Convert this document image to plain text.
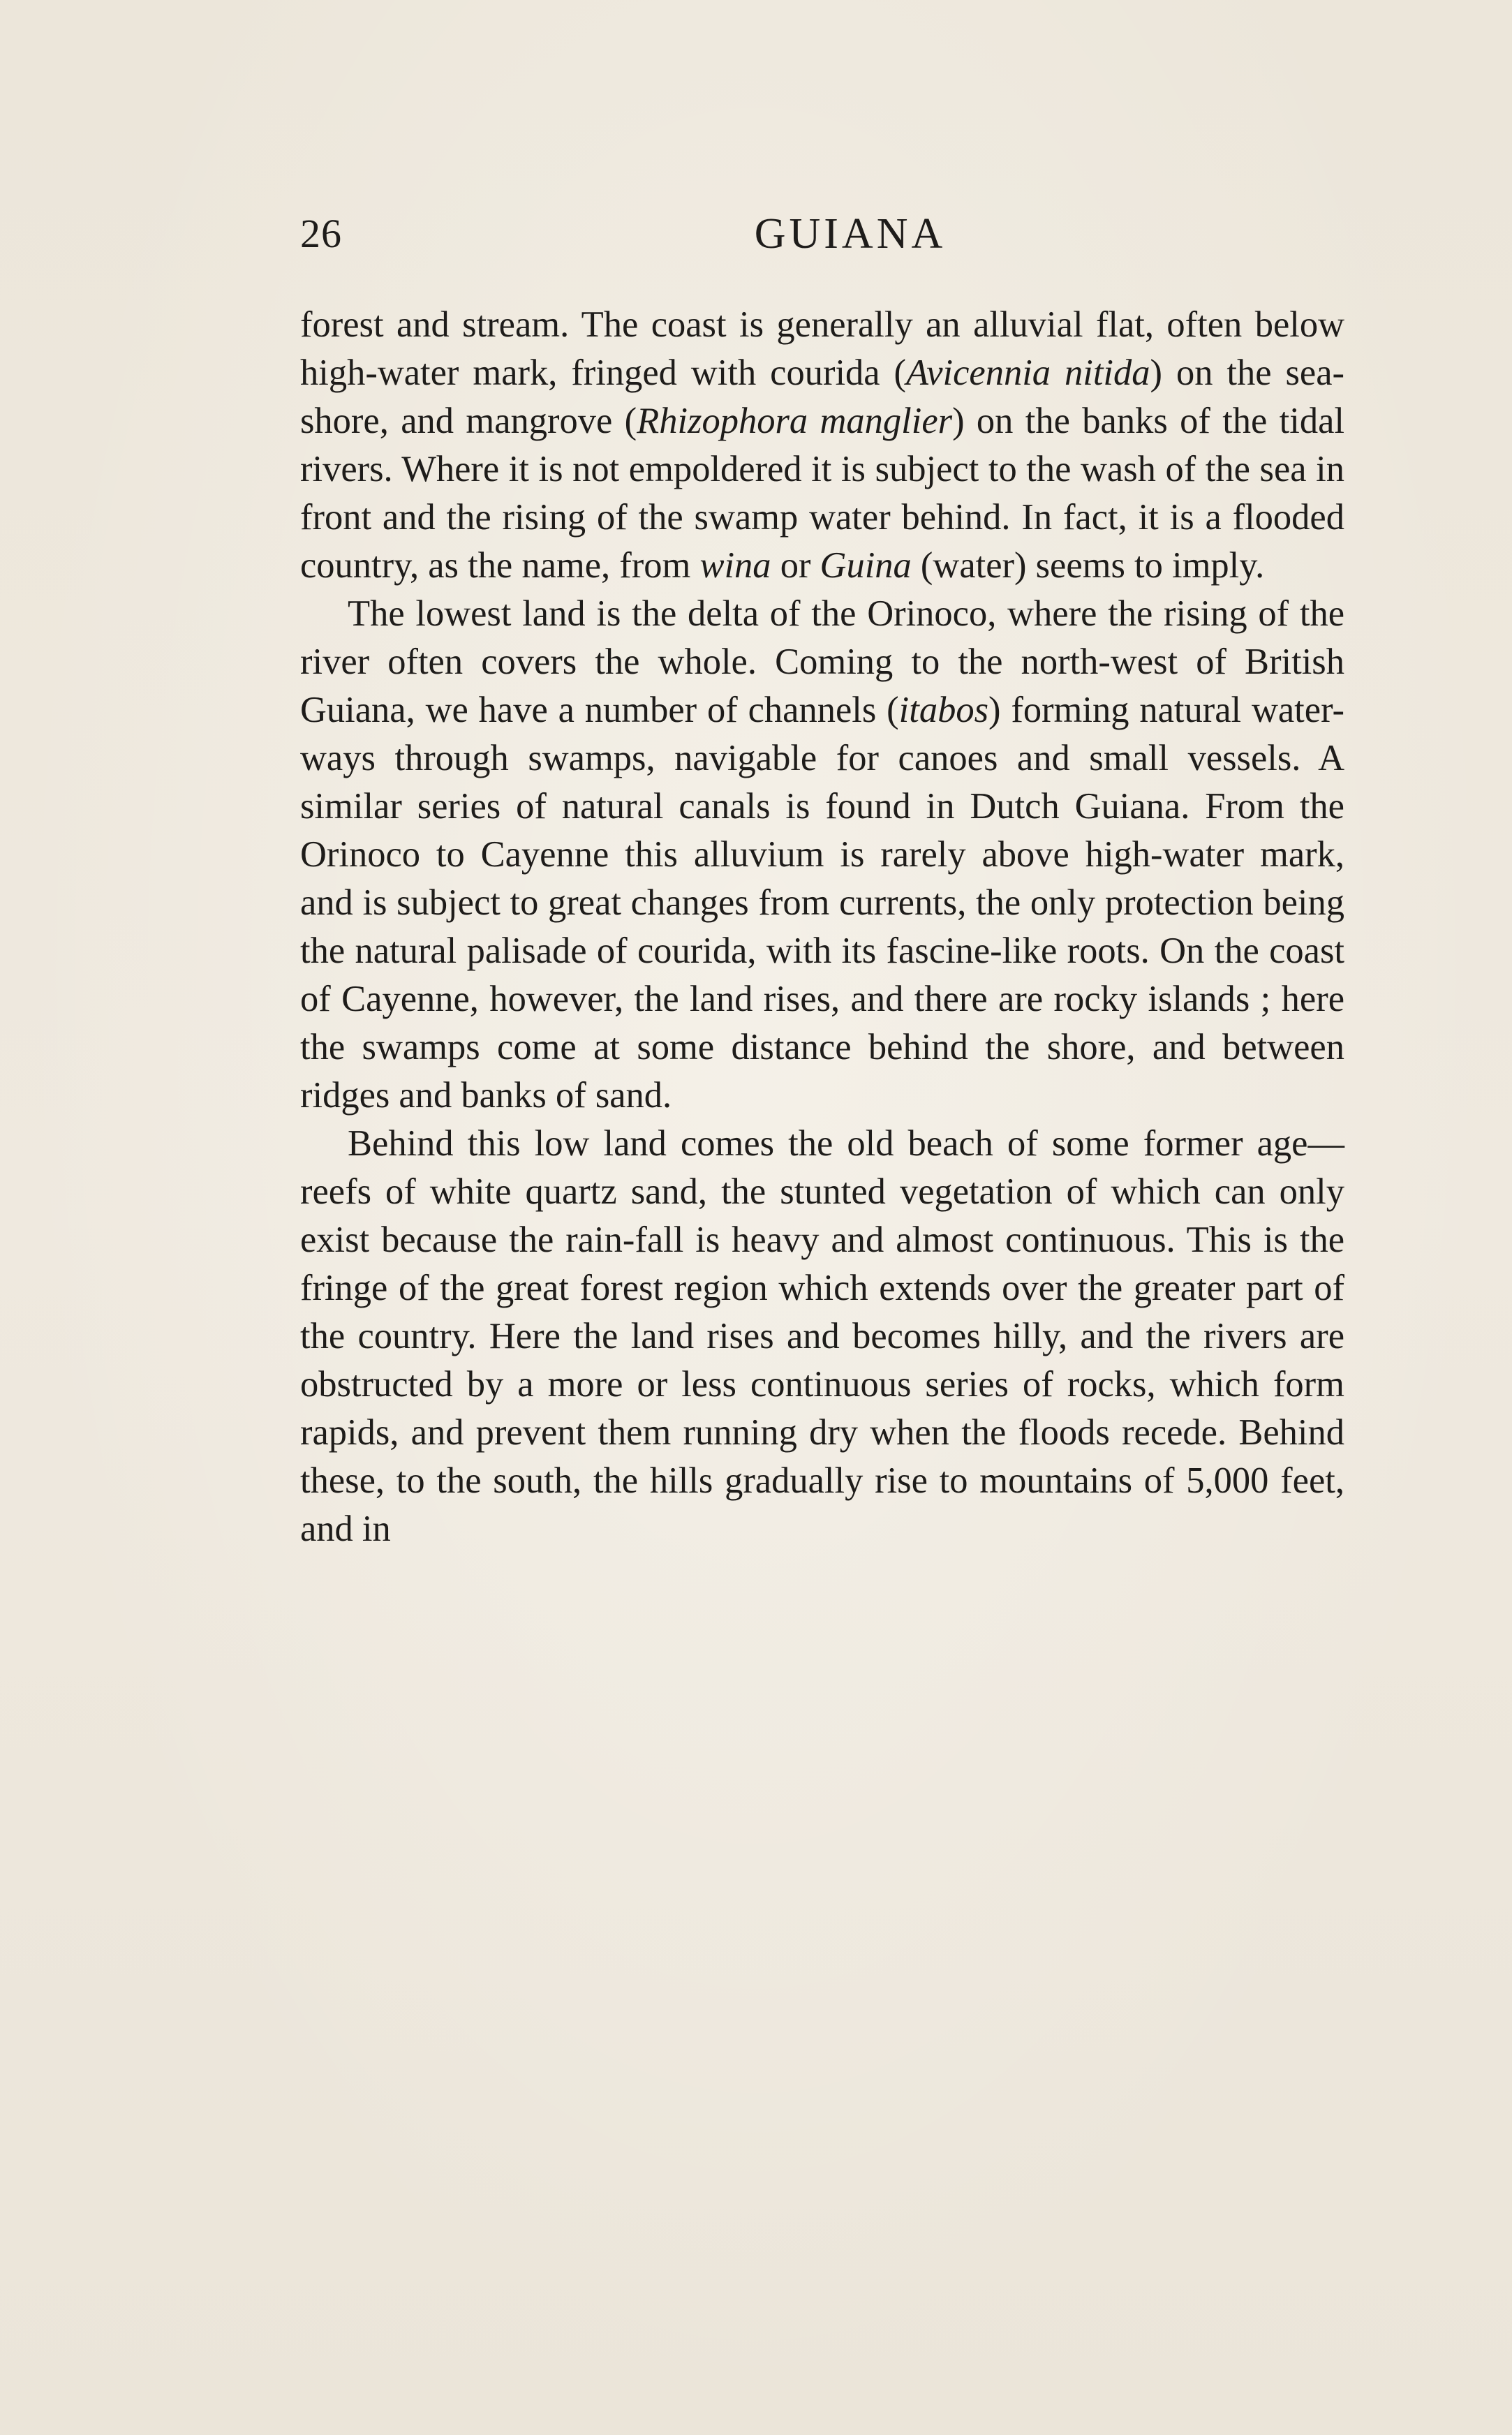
26	GUIANA

forest and stream. The coast is generally an alluvial flat, often below high-water mark, fringed with courida (Avicennia nitida) on the sea-shore, and mangrove (Rhizophora manglier) on the banks of the tidal rivers. Where it is not empoldered it is subject to the wash of the sea in front and the rising of the swamp water behind. In fact, it is a flooded country, as the name, from wina or Guina (water) seems to imply.

The lowest land is the delta of the Orinoco, where the rising of the river often covers the whole. Coming to the north-west of British Guiana, we have a number of channels (itabos) forming natural water-ways through swamps, navigable for canoes and small vessels. A similar series of natural canals is found in Dutch Guiana. From the Orinoco to Cayenne this alluvium is rarely above high-water mark, and is subject to great changes from currents, the only protection being the natural palisade of courida, with its fascine-like roots. On the coast of Cayenne, however, the land rises, and there are rocky islands ; here the swamps come at some distance behind the shore, and between ridges and banks of sand.

Behind this low land comes the old beach of some former age—reefs of white quartz sand, the stunted vegetation of which can only exist because the rain-fall is heavy and almost continuous. This is the fringe of the great forest region which extends over the greater part of the country. Here the land rises and becomes hilly, and the rivers are obstructed by a more or less continuous series of rocks, which form rapids, and prevent them running dry when the floods recede. Behind these, to the south, the hills gradually rise to mountains of 5,000 feet, and in
